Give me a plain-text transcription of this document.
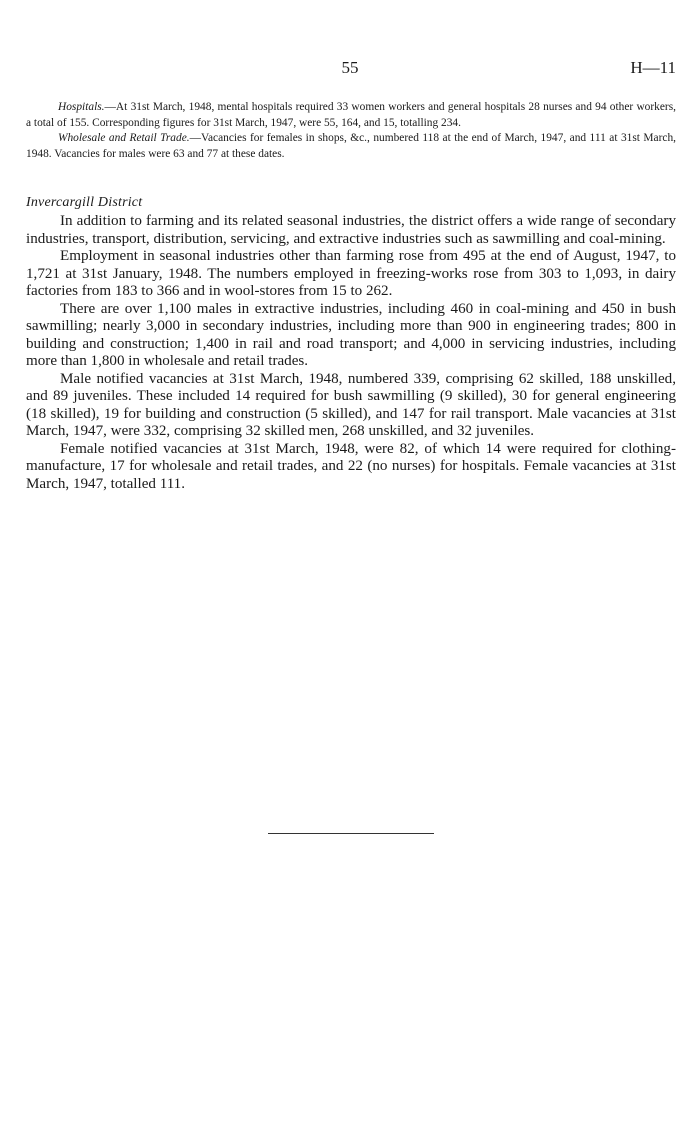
55	H—11

Hospitals.—At 31st March, 1948, mental hospitals required 33 women workers and general hospitals 28 nurses and 94 other workers, a total of 155. Corresponding figures for 31st March, 1947, were 55, 164, and 15, totalling 234.

Wholesale and Retail Trade.—Vacancies for females in shops, &c., numbered 118 at the end of March, 1947, and 111 at 31st March, 1948. Vacancies for males were 63 and 77 at these dates.

Invercargill District

In addition to farming and its related seasonal industries, the district offers a wide range of secondary industries, transport, distribution, servicing, and extractive industries such as sawmilling and coal-mining.

Employment in seasonal industries other than farming rose from 495 at the end of August, 1947, to 1,721 at 31st January, 1948. The numbers employed in freezing-works rose from 303 to 1,093, in dairy factories from 183 to 366 and in wool-stores from 15 to 262.

There are over 1,100 males in extractive industries, including 460 in coal-mining and 450 in bush sawmilling; nearly 3,000 in secondary industries, including more than 900 in engineering trades; 800 in building and construction; 1,400 in rail and road transport; and 4,000 in servicing industries, including more than 1,800 in wholesale and retail trades.

Male notified vacancies at 31st March, 1948, numbered 339, comprising 62 skilled, 188 unskilled, and 89 juveniles. These included 14 required for bush sawmilling (9 skilled), 30 for general engineering (18 skilled), 19 for building and construction (5 skilled), and 147 for rail transport. Male vacancies at 31st March, 1947, were 332, comprising 32 skilled men, 268 unskilled, and 32 juveniles.

Female notified vacancies at 31st March, 1948, were 82, of which 14 were required for clothing-manufacture, 17 for wholesale and retail trades, and 22 (no nurses) for hospitals. Female vacancies at 31st March, 1947, totalled 111.
